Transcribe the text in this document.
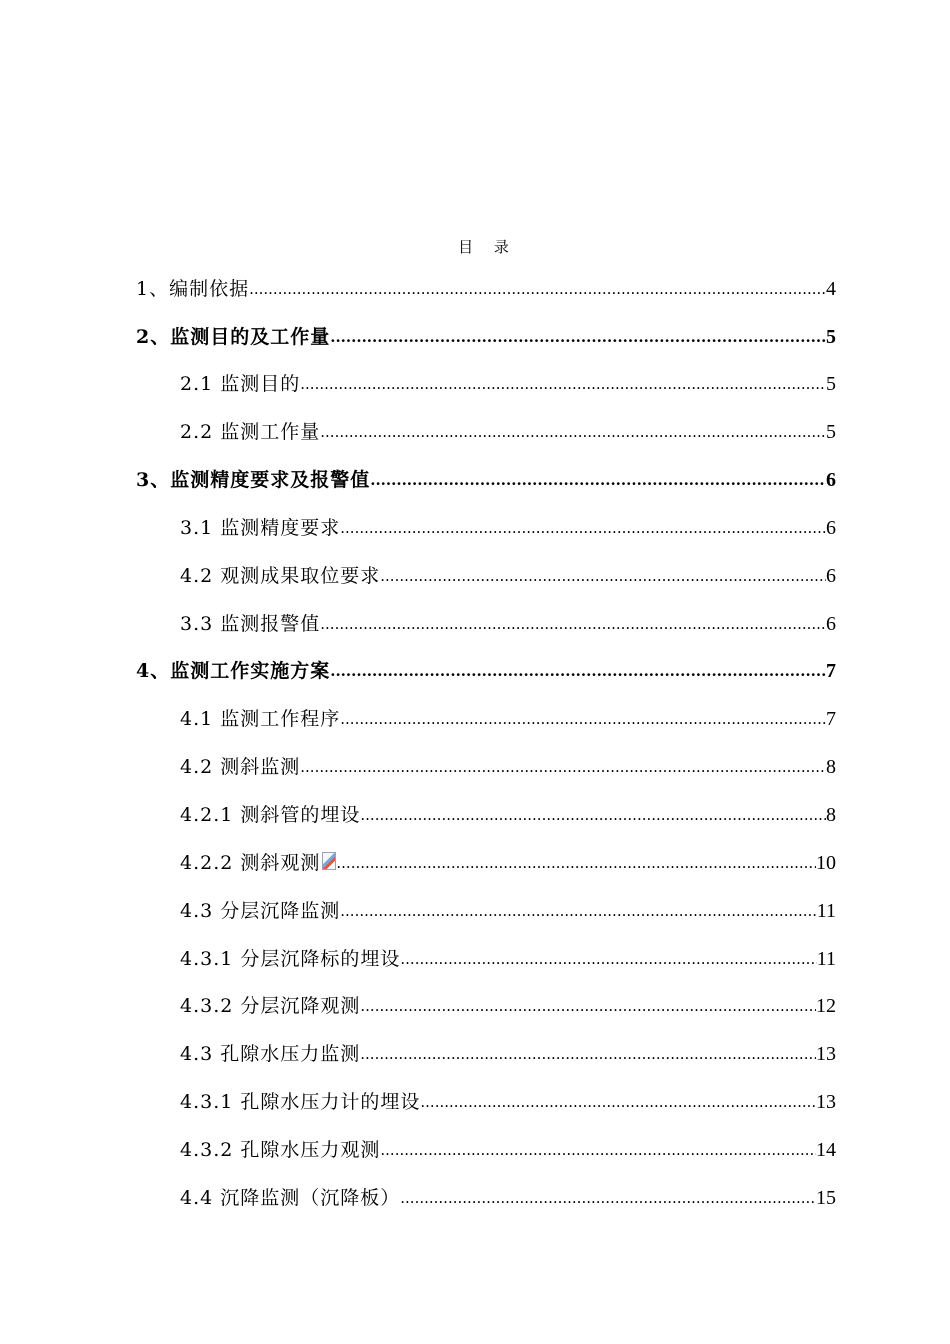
目 录
1、编制依据 .....	4
2、监测目的及工作量 .....	5
2.1 监测目的 .....	5
2.2 监测工作量 .....	5
3、监测精度要求及报警值 .....	6
3.1 监测精度要求 .....	6
4.2 观测成果取位要求 .....	6
3.3 监测报警值 .....	6
4、监测工作实施方案 .....	7
4.1 监测工作程序 .....	7
4.2 测斜监测 .....	8
4.2.1 测斜管的埋设 .....	8
4.2.2 测斜观测 .....	10
4.3 分层沉降监测 .....	11
4.3.1 分层沉降标的埋设 .....	11
4.3.2 分层沉降观测 .....	12
4.3 孔隙水压力监测 .....	13
4.3.1 孔隙水压力计的埋设 .....	13
4.3.2 孔隙水压力观测 .....	14
4.4 沉降监测（沉降板） .....	15
